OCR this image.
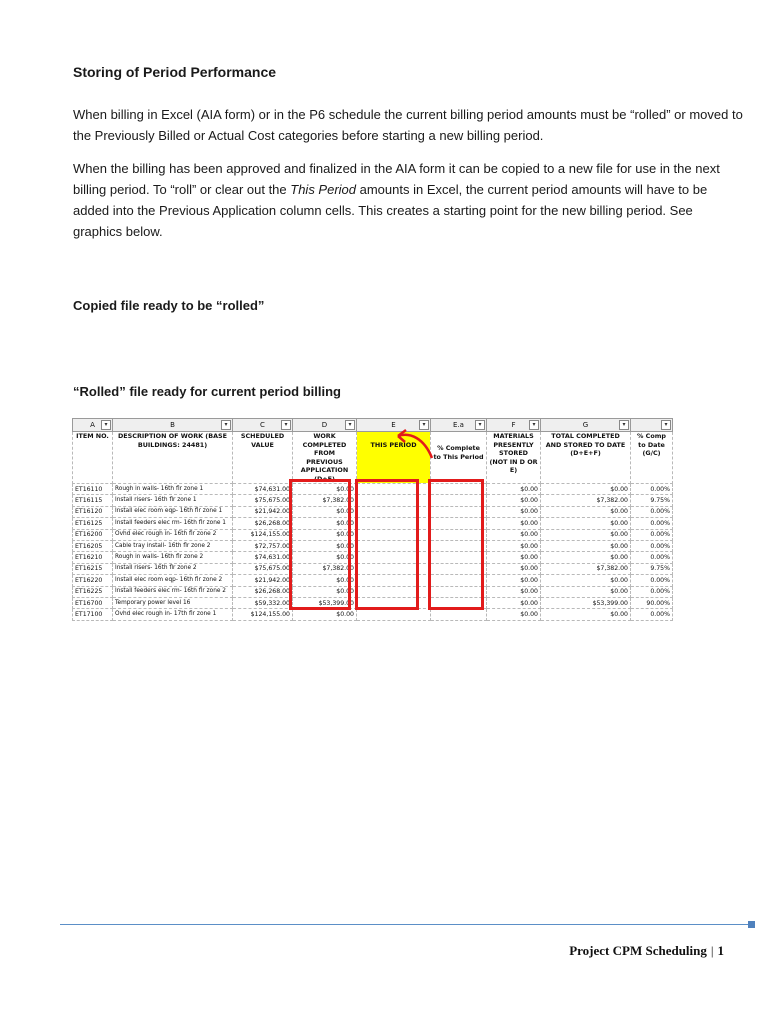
Storing of Period Performance
When billing in Excel (AIA form) or in the P6 schedule the current billing period amounts must be “rolled” or moved to the Previously Billed or Actual Cost categories before starting a new billing period.
When the billing has been approved and finalized in the AIA form it can be copied to a new file for use in the next billing period. To “roll” or clear out the This Period amounts in Excel, the current period amounts will have to be added into the Previous Application column cells. This creates a starting point for the new billing period. See graphics below.
Copied file ready to be “rolled”
“Rolled” file ready for current period billing
A ▾	B ▾	C ▾	D ▾	E ▾	E.a ▾	F ▾	G ▾	▾

ITEM NO.	DESCRIPTION OF WORK (BASE BUILDINGS: 24481)	SCHEDULED VALUE	WORK COMPLETED
FROM PREVIOUS APPLICATION (D+E)	THIS PERIOD	% Complete to This Period	MATERIALS PRESENTLY STORED (NOT IN D OR E)	TOTAL COMPLETED AND STORED TO DATE (D+E+F)	% Comp to Date (G/C)
ET16110	Rough in walls- 16th flr zone 1	$74,631.00	$0.00			$0.00	$0.00	0.00%
ET16115	Install risers- 16th flr zone 1	$75,675.00	$7,382.00			$0.00	$7,382.00	9.75%
ET16120	Install elec room eqp- 16th flr zone 1	$21,942.00	$0.00			$0.00	$0.00	0.00%
ET16125	Install feeders elec rm- 16th flr zone 1	$26,268.00	$0.00			$0.00	$0.00	0.00%
ET16200	Ovhd elec rough in- 16th flr zone 2	$124,155.00	$0.00			$0.00	$0.00	0.00%
ET16205	Cable tray install- 16th flr zone 2	$72,757.00	$0.00			$0.00	$0.00	0.00%
ET16210	Rough in walls- 16th flr zone 2	$74,631.00	$0.00			$0.00	$0.00	0.00%
ET16215	Install risers- 16th flr zone 2	$75,675.00	$7,382.00			$0.00	$7,382.00	9.75%
ET16220	Install elec room eqp- 16th flr zone 2	$21,942.00	$0.00			$0.00	$0.00	0.00%
ET16225	Install feeders elec rm- 16th flr zone 2	$26,268.00	$0.00			$0.00	$0.00	0.00%
ET16700	Temporary power level 16	$59,332.00	$53,399.00			$0.00	$53,399.00	90.00%
ET17100	Ovhd elec rough in- 17th flr zone 1	$124,155.00	$0.00			$0.00	$0.00	0.00%
Project CPM Scheduling | 1
